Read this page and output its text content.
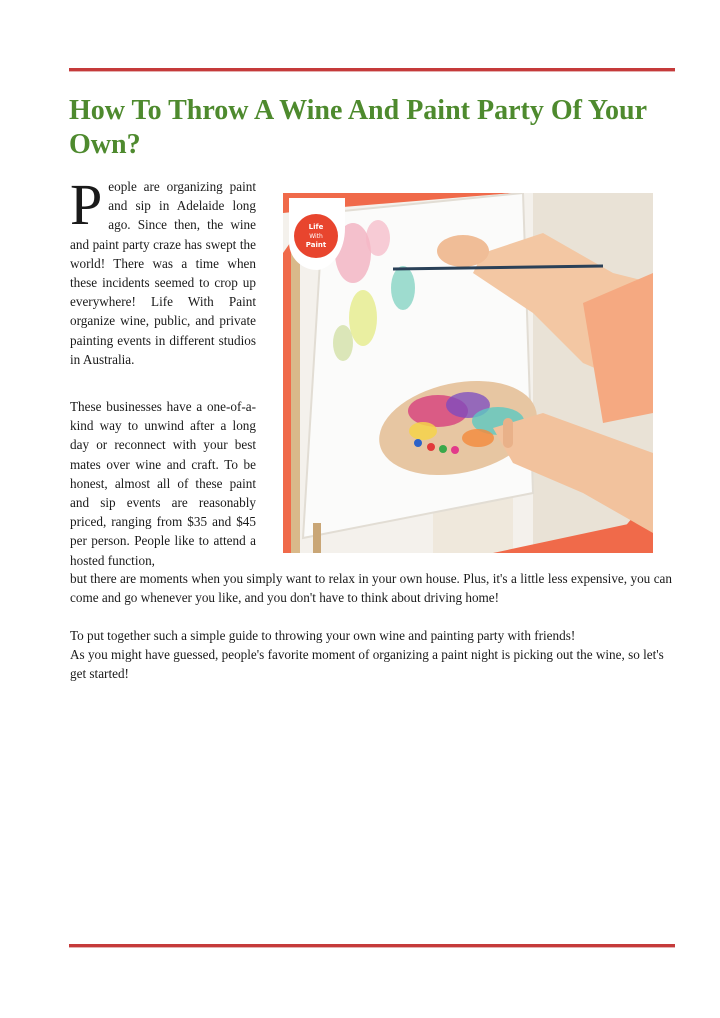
How To Throw A Wine And Paint Party Of Your Own?

People are organizing paint and sip in Adelaide long ago. Since then, the wine and paint party craze has swept the world! There was a time when these incidents seemed to crop up everywhere! Life With Paint organize wine, public, and private painting events in different studios in Australia.

These businesses have a one-of-a-kind way to unwind after a long day or reconnect with your best mates over wine and craft. To be honest, almost all of these paint and sip events are reasonably priced, ranging from $35 and $45 per person. People like to attend a hosted function,

but there are moments when you simply want to relax in your own house. Plus, it's a little less expensive, you can come and go whenever you like, and you don't have to think about driving home!

To put together such a simple guide to throwing your own wine and painting party with friends!
As you might have guessed, people's favorite moment of organizing a paint night is picking out the wine, so let's get started!

Life
With
Paint
